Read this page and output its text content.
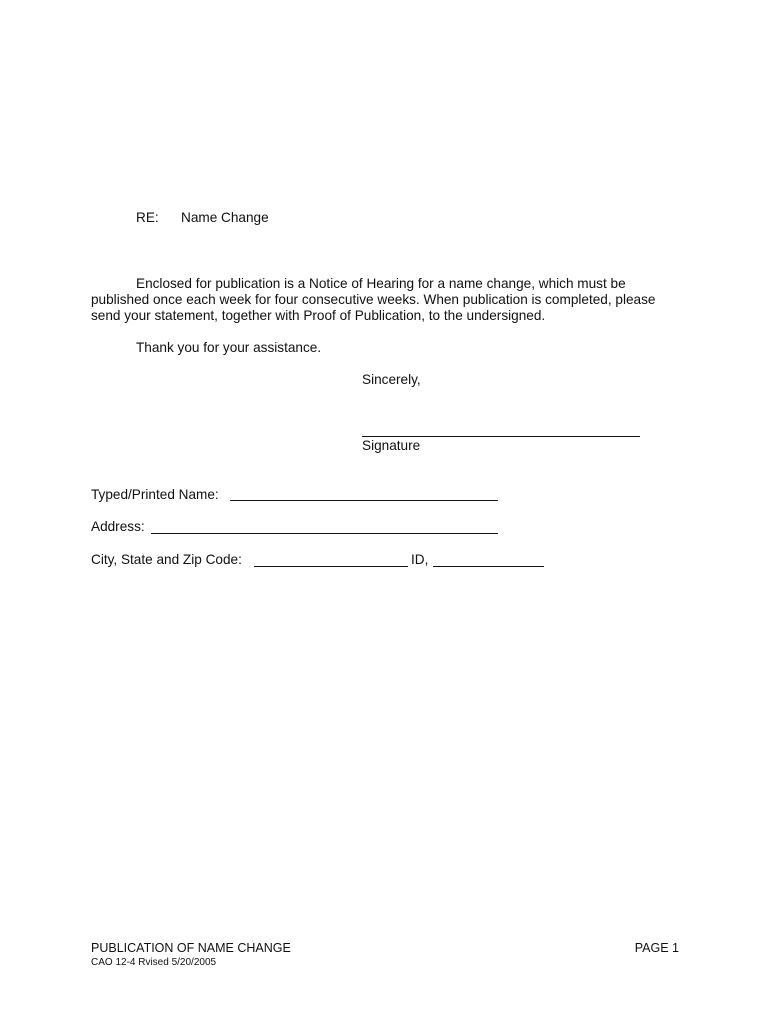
RE: Name Change
Enclosed for publication is a Notice of Hearing for a name change, which must be
published once each week for four consecutive weeks. When publication is completed, please
send your statement, together with Proof of Publication, to the undersigned.
Thank you for your assistance.
Sincerely,
Signature
Typed/Printed Name:
Address:
City, State and Zip Code:	ID,
PUBLICATION OF NAME CHANGE	PAGE 1
CAO 12-4 Rvised 5/20/2005
